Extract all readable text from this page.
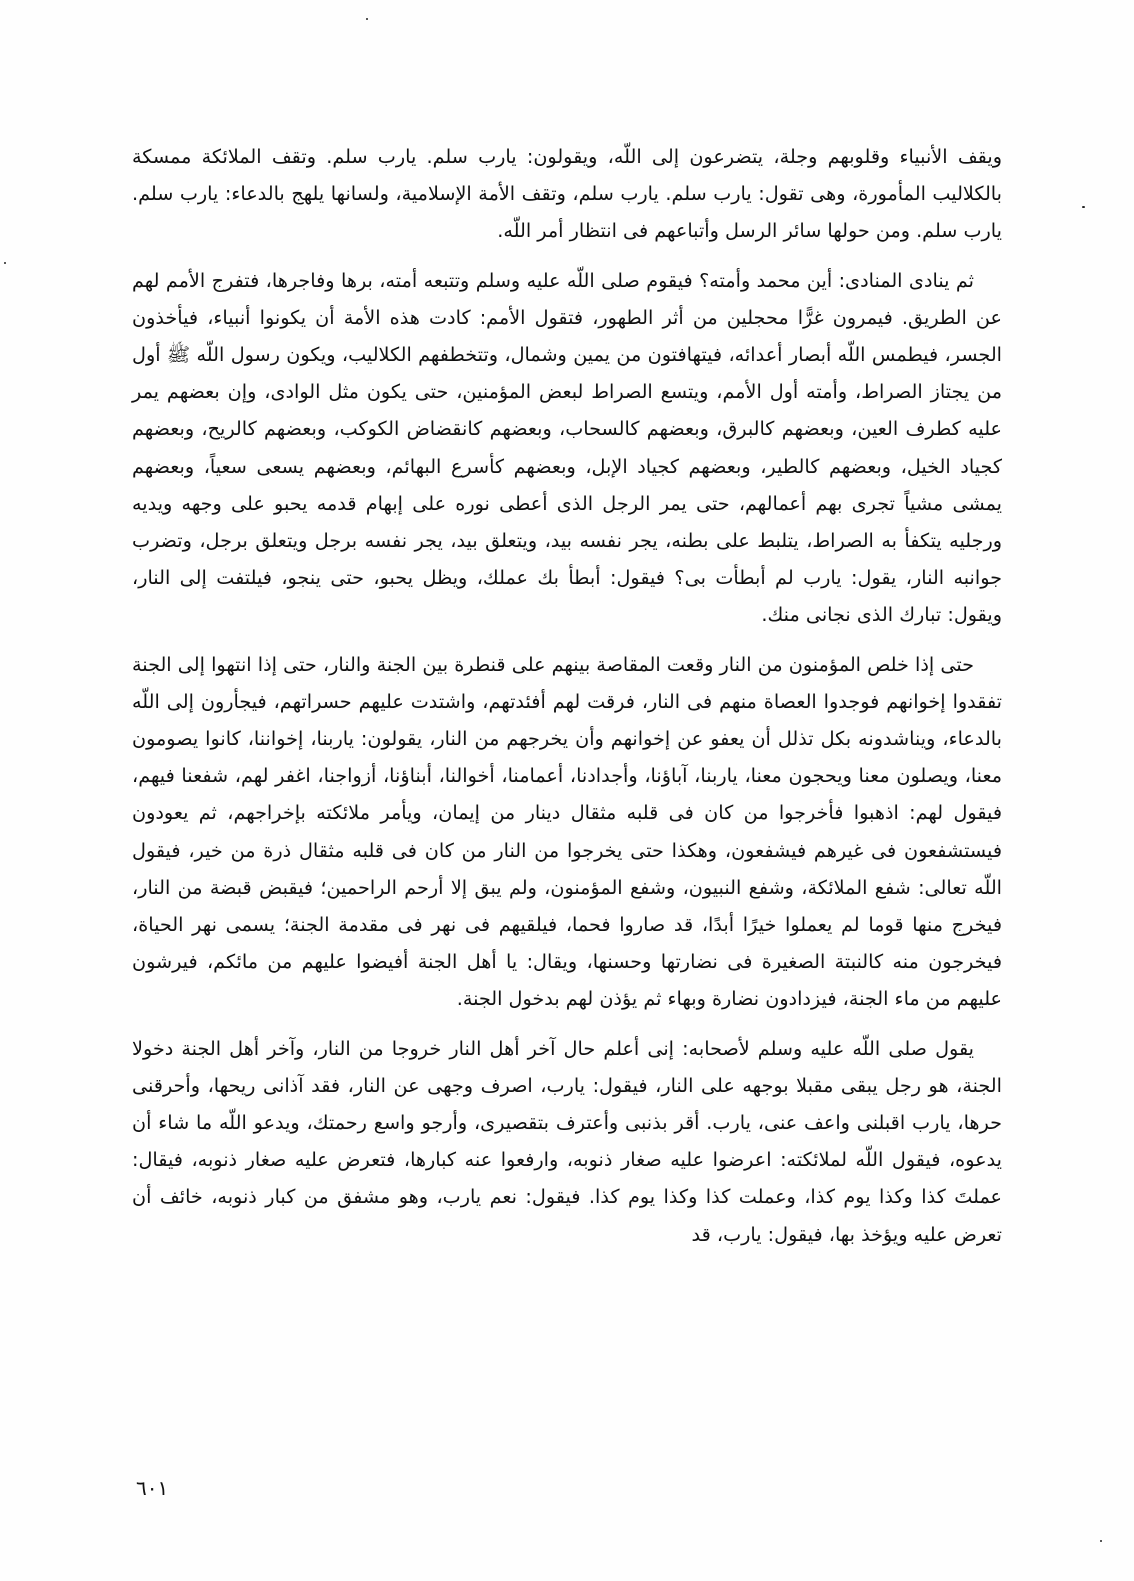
ويقف الأنبياء وقلوبهم وجلة، يتضرعون إلى اللّه، ويقولون: يارب سلم. يارب سلم. وتقف الملائكة ممسكة بالكلاليب المأمورة، وهى تقول: يارب سلم. يارب سلم، وتقف الأمة الإسلامية، ولسانها يلهج بالدعاء: يارب سلم. يارب سلم. ومن حولها سائر الرسل وأتباعهم فى انتظار أمر اللّه.

ثم ينادى المنادى: أين محمد وأمته؟ فيقوم صلى اللّه عليه وسلم وتتبعه أمته، برها وفاجرها، فتفرج الأمم لهم عن الطريق. فيمرون غرًّا محجلين من أثر الطهور، فتقول الأمم: كادت هذه الأمة أن يكونوا أنبياء، فيأخذون الجسر، فيطمس اللّه أبصار أعدائه، فيتهافتون من يمين وشمال، وتتخطفهم الكلاليب، ويكون رسول اللّه ﷺ أول من يجتاز الصراط، وأمته أول الأمم، ويتسع الصراط لبعض المؤمنين، حتى يكون مثل الوادى، وإن بعضهم يمر عليه كطرف العين، وبعضهم كالبرق، وبعضهم كالسحاب، وبعضهم كانقضاض الكوكب، وبعضهم كالريح، وبعضهم كجياد الخيل، وبعضهم كالطير، وبعضهم كجياد الإبل، وبعضهم كأسرع البهائم، وبعضهم يسعى سعياً، وبعضهم يمشى مشياً تجرى بهم أعمالهم، حتى يمر الرجل الذى أعطى نوره على إبهام قدمه يحبو على وجهه ويديه ورجليه يتكفأ به الصراط، يتلبط على بطنه، يجر نفسه بيد، ويتعلق بيد، يجر نفسه برجل ويتعلق برجل، وتضرب جوانبه النار، يقول: يارب لم أبطأت بى؟ فيقول: أبطأ بك عملك، ويظل يحبو، حتى ينجو، فيلتفت إلى النار، ويقول: تبارك الذى نجانى منك.

حتى إذا خلص المؤمنون من النار وقعت المقاصة بينهم على قنطرة بين الجنة والنار، حتى إذا انتهوا إلى الجنة تفقدوا إخوانهم فوجدوا العصاة منهم فى النار، فرقت لهم أفئدتهم، واشتدت عليهم حسراتهم، فيجأرون إلى اللّه بالدعاء، ويناشدونه بكل تذلل أن يعفو عن إخوانهم وأن يخرجهم من النار، يقولون: ياربنا، إخواننا، كانوا يصومون معنا، ويصلون معنا ويحجون معنا، ياربنا، آباؤنا، وأجدادنا، أعمامنا، أخوالنا، أبناؤنا، أزواجنا، اغفر لهم، شفعنا فيهم، فيقول لهم: اذهبوا فأخرجوا من كان فى قلبه مثقال دينار من إيمان، ويأمر ملائكته بإخراجهم، ثم يعودون فيستشفعون فى غيرهم فيشفعون، وهكذا حتى يخرجوا من النار من كان فى قلبه مثقال ذرة من خير، فيقول اللّه تعالى: شفع الملائكة، وشفع النبيون، وشفع المؤمنون، ولم يبق إلا أرحم الراحمين؛ فيقبض قبضة من النار، فيخرج منها قوما لم يعملوا خيرًا أبدًا، قد صاروا فحما، فيلقيهم فى نهر فى مقدمة الجنة؛ يسمى نهر الحياة، فيخرجون منه كالنبتة الصغيرة فى نضارتها وحسنها، ويقال: يا أهل الجنة أفيضوا عليهم من مائكم، فيرشون عليهم من ماء الجنة، فيزدادون نضارة وبهاء ثم يؤذن لهم بدخول الجنة.

يقول صلى اللّه عليه وسلم لأصحابه: إنى أعلم حال آخر أهل النار خروجا من النار، وآخر أهل الجنة دخولا الجنة، هو رجل يبقى مقبلا بوجهه على النار، فيقول: يارب، اصرف وجهى عن النار، فقد آذانى ريحها، وأحرقنى حرها، يارب اقبلنى واعف عنى، يارب. أقر بذنبى وأعترف بتقصيرى، وأرجو واسع رحمتك، ويدعو اللّه ما شاء أن يدعوه، فيقول اللّه لملائكته: اعرضوا عليه صغار ذنوبه، وارفعوا عنه كبارها، فتعرض عليه صغار ذنوبه، فيقال: عملتَ كذا وكذا يوم كذا، وعملت كذا وكذا يوم كذا. فيقول: نعم يارب، وهو مشفق من كبار ذنوبه، خائف أن تعرض عليه ويؤخذ بها، فيقول: يارب، قد

٦٠١
